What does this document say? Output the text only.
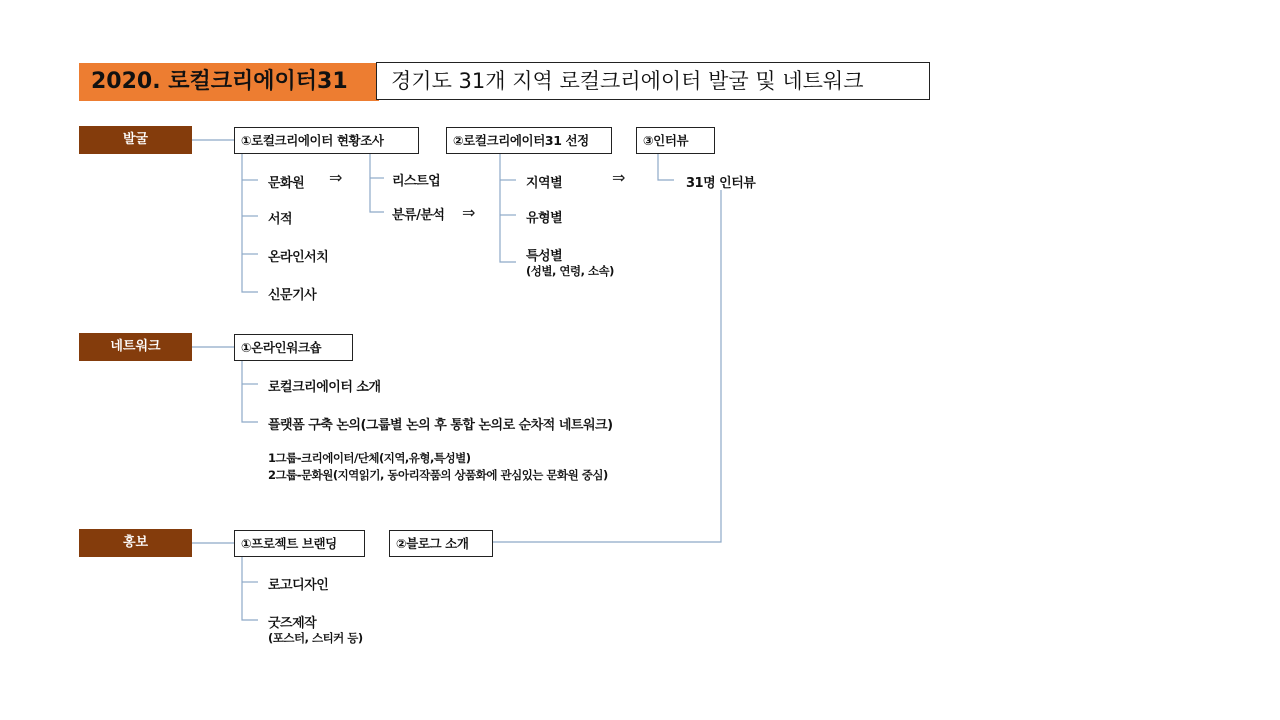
2020. 로컬크리에이터31	경기도 31개 지역 로컬크리에이터 발굴 및 네트워크
발굴	①로컬크리에이터 현황조사
문화원
서적
온라인서치
신문기사
⇒	리스트업
분류/분석 ⇒
②로컬크리에이터31 선정
지역별
유형별
특성별
(성별, 연령, 소속)
⇒
③인터뷰
31명 인터뷰
네트워크	①온라인워크숍
로컬크리에이터 소개
플랫폼 구축 논의(그룹별 논의 후 통합 논의로 순차적 네트워크)
1그룹-크리에이터/단체(지역,유형,특성별)
2그룹-문화원(지역읽기, 동아리작품의 상품화에 관심있는 문화원 중심)
홍보	①프로젝트 브랜딩	②블로그 소개
로고디자인
굿즈제작
(포스터, 스티커 등)
